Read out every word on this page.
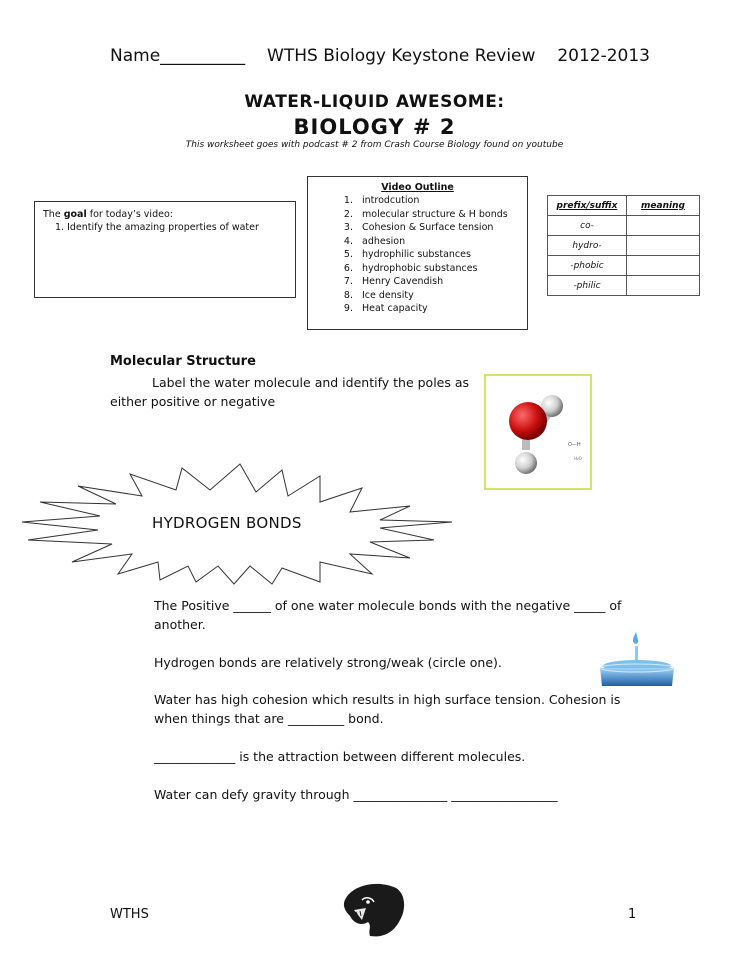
Name__________ WTHS Biology Keystone Review 2012-2013
WATER-LIQUID AWESOME:
BIOLOGY # 2
This worksheet goes with podcast # 2 from Crash Course Biology found on youtube
The goal for today’s video:
1. Identify the amazing properties of water
Video Outline
1. introdcution
2. molecular structure & H bonds
3. Cohesion & Surface tension
4. adhesion
5. hydrophilic substances
6. hydrophobic substances
7. Henry Cavendish
8. Ice density
9. Heat capacity
prefix/suffix	meaning
co-	
hydro-	
-phobic	
-philic	
Molecular Structure
Label the water molecule and identify the poles as either positive or negative
O—H
H₂O
HYDROGEN BONDS
The Positive ______ of one water molecule bonds with the negative _____ of another.
Hydrogen bonds are relatively strong/weak (circle one).
Water has high cohesion which results in high surface tension. Cohesion is when things that are _________ bond.
_____________ is the attraction between different molecules.
Water can defy gravity through _______________ _________________
WTHS	1
